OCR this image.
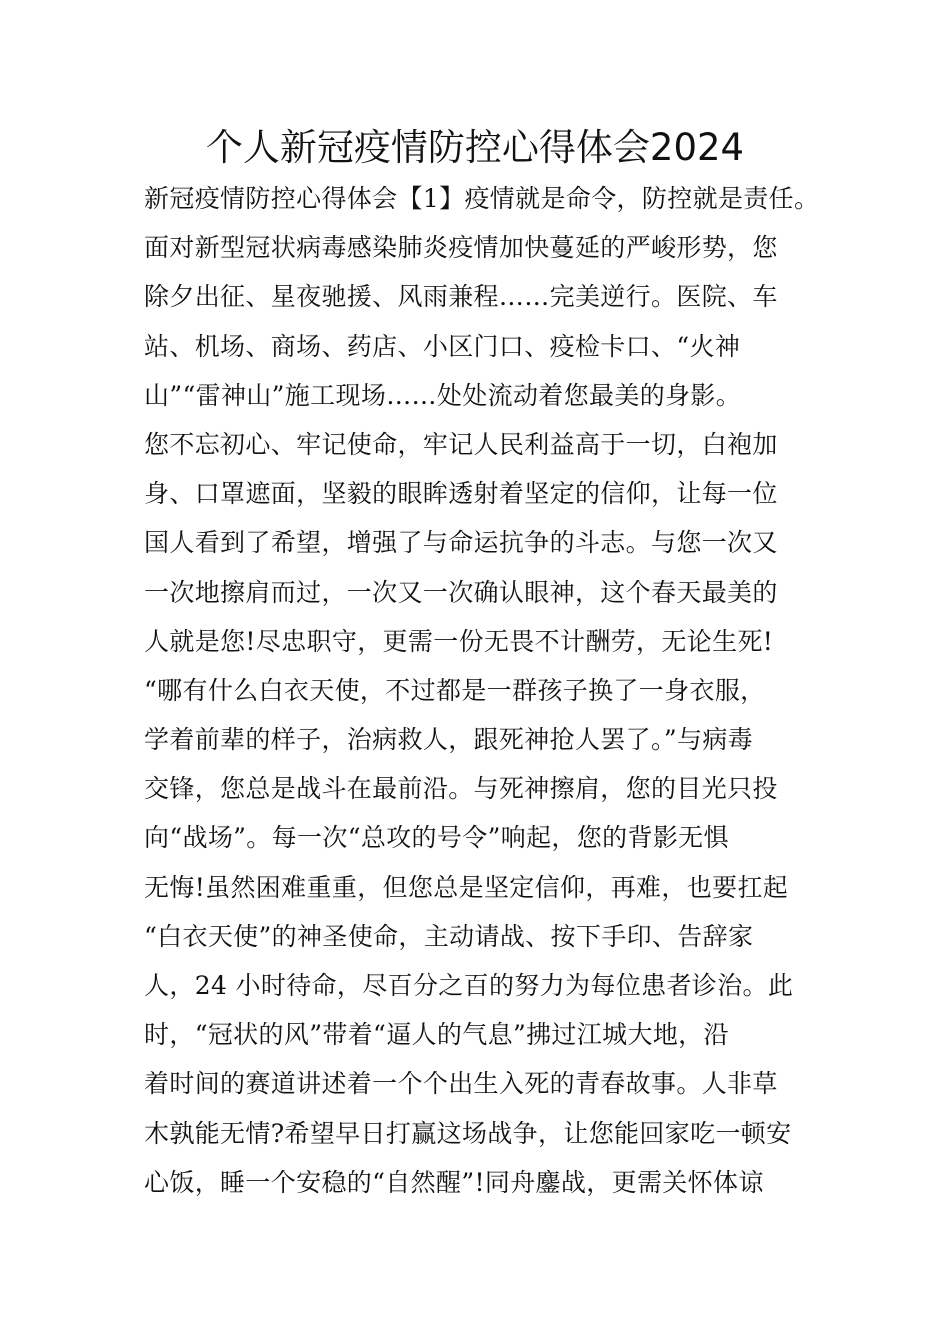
个人新冠疫情防控心得体会2024
新冠疫情防控心得体会【1】疫情就是命令，防控就是责任。
面对新型冠状病毒感染肺炎疫情加快蔓延的严峻形势，您
除夕出征、星夜驰援、风雨兼程……完美逆行。医院、车
站、机场、商场、药店、小区门口、疫检卡口、“火神
山”“雷神山”施工现场……处处流动着您最美的身影。
您不忘初心、牢记使命，牢记人民利益高于一切，白袍加
身、口罩遮面，坚毅的眼眸透射着坚定的信仰，让每一位
国人看到了希望，增强了与命运抗争的斗志。与您一次又
一次地擦肩而过，一次又一次确认眼神，这个春天最美的
人就是您!尽忠职守，更需一份无畏不计酬劳，无论生死!
“哪有什么白衣天使，不过都是一群孩子换了一身衣服，
学着前辈的样子，治病救人，跟死神抢人罢了。”与病毒
交锋，您总是战斗在最前沿。与死神擦肩，您的目光只投
向“战场”。每一次“总攻的号令”响起，您的背影无惧
无悔!虽然困难重重，但您总是坚定信仰，再难，也要扛起
“白衣天使”的神圣使命，主动请战、按下手印、告辞家
人，24 小时待命，尽百分之百的努力为每位患者诊治。此
时，“冠状的风”带着“逼人的气息”拂过江城大地，沿
着时间的赛道讲述着一个个出生入死的青春故事。人非草
木孰能无情?希望早日打赢这场战争，让您能回家吃一顿安
心饭，睡一个安稳的“自然醒”!同舟鏖战，更需关怀体谅
